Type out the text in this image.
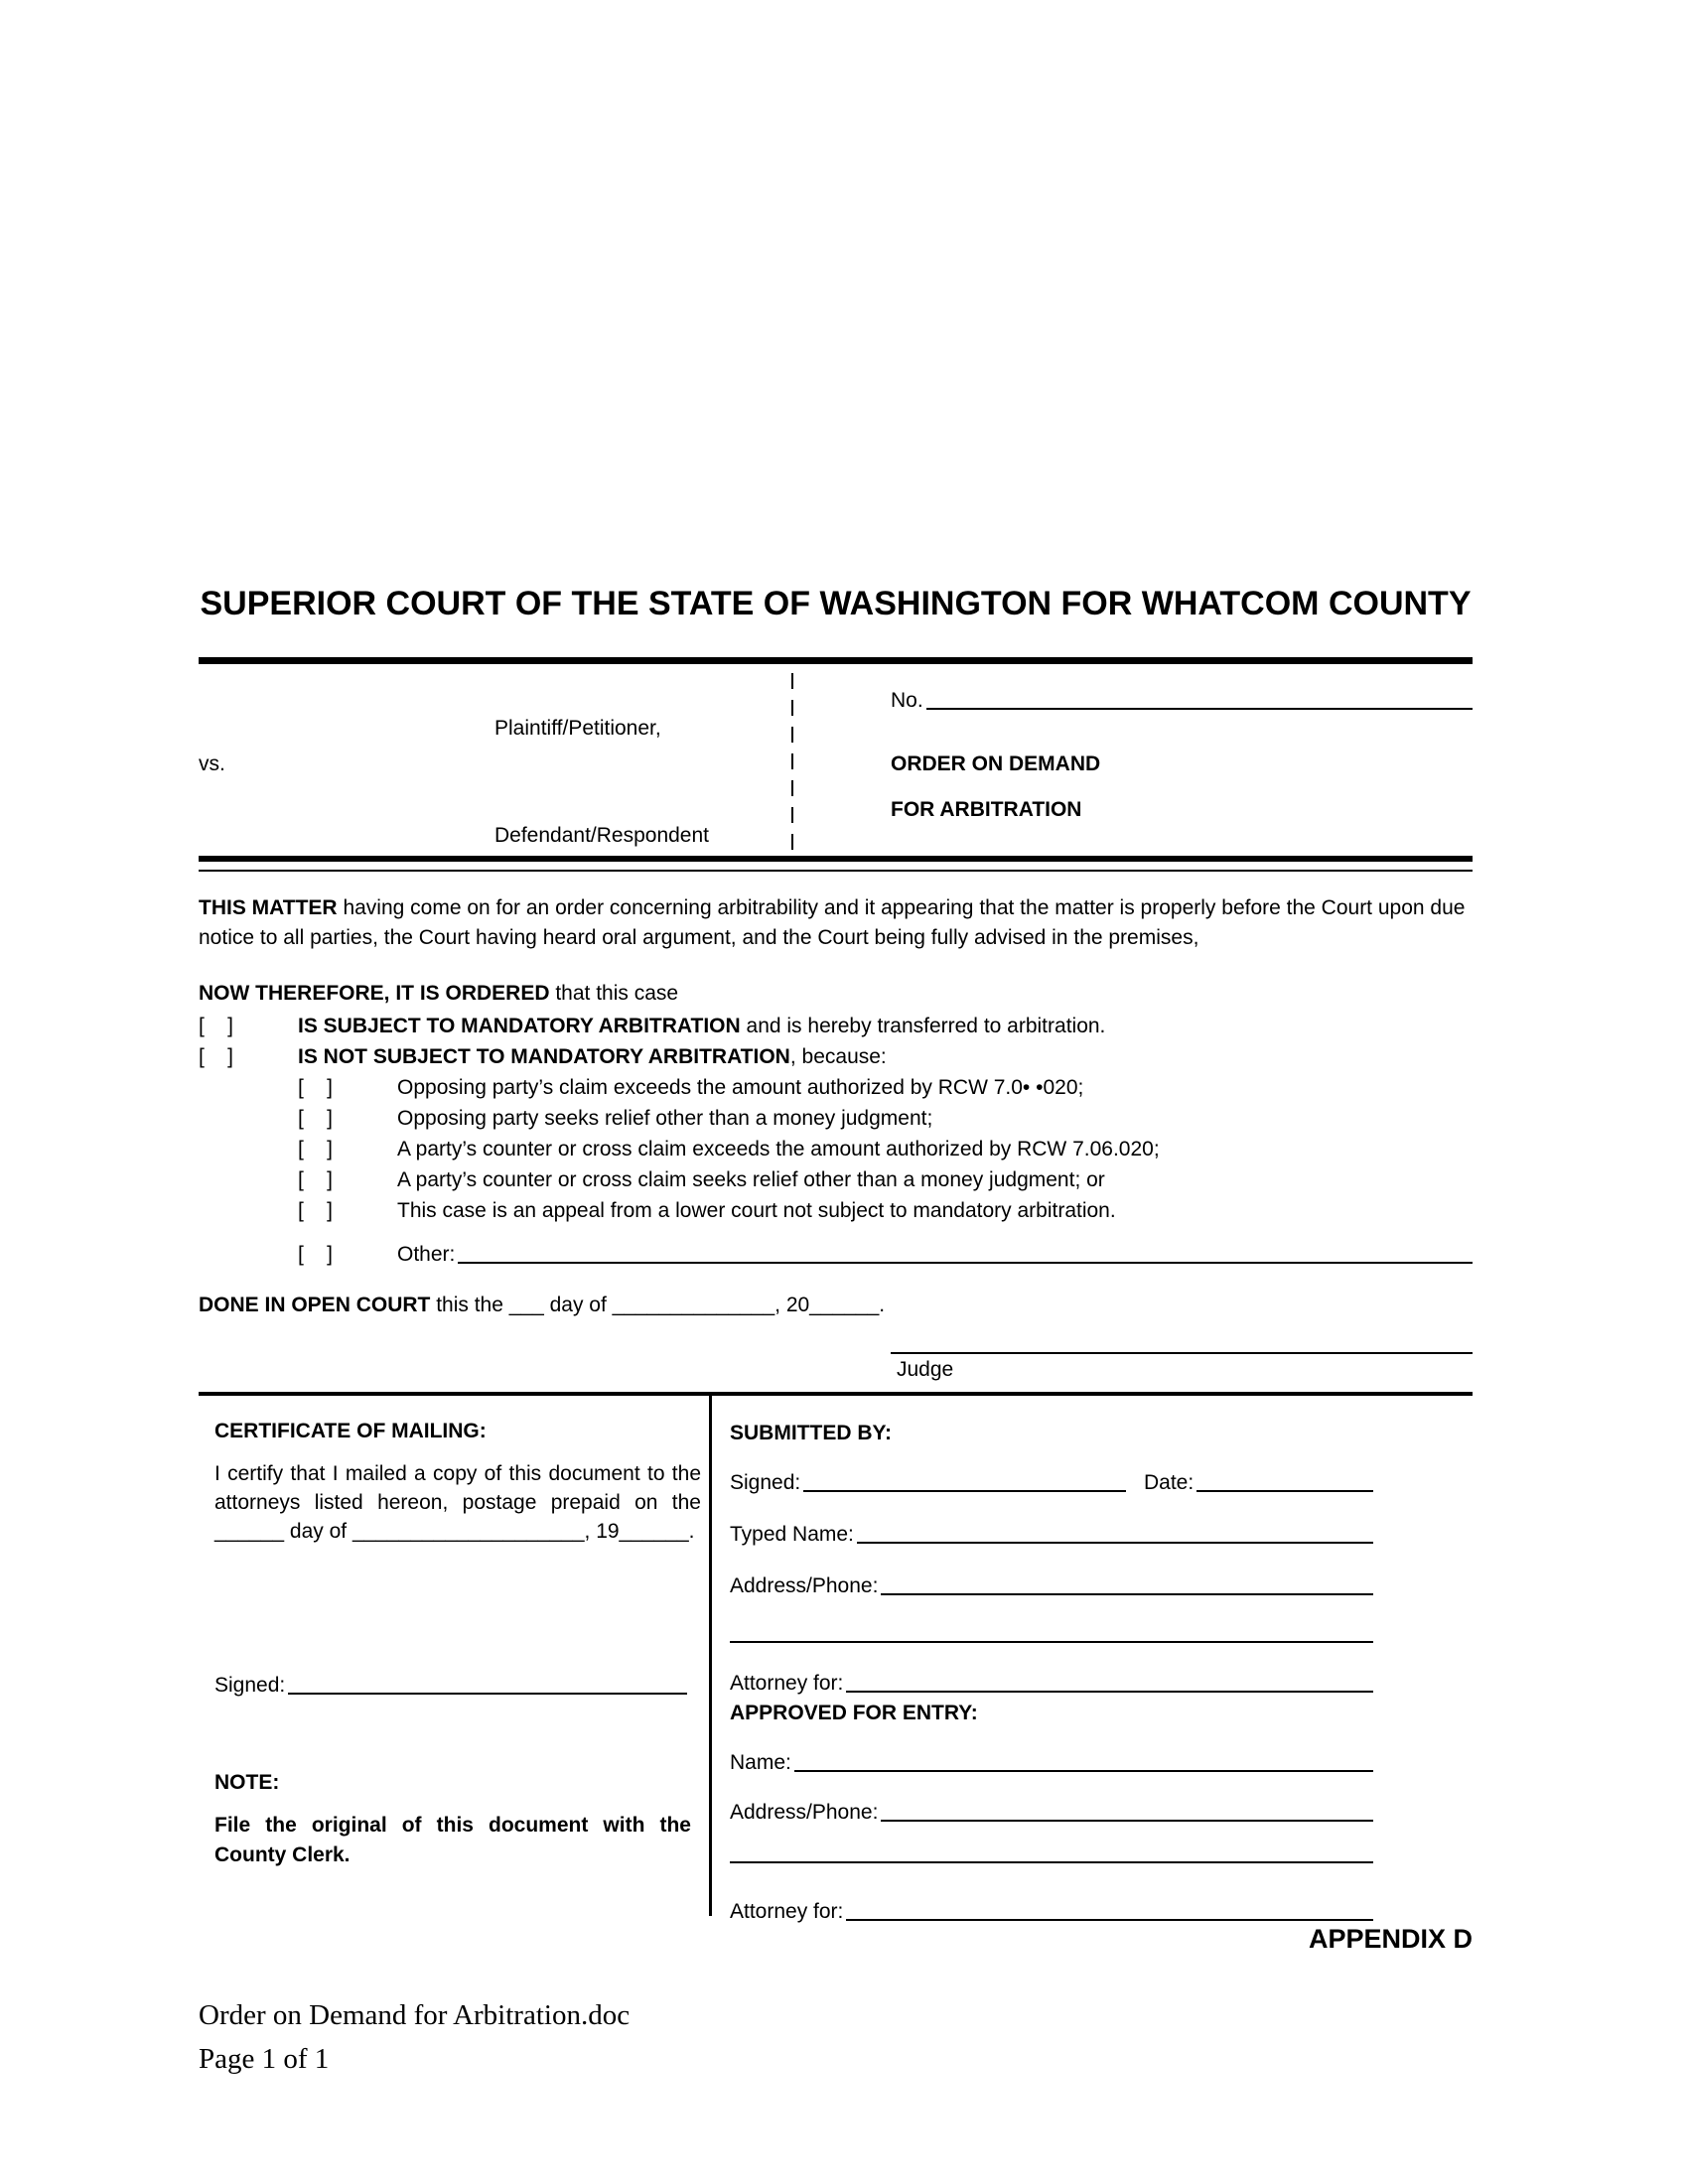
SUPERIOR COURT OF THE STATE OF WASHINGTON FOR WHATCOM COUNTY
Plaintiff/Petitioner,
vs.
Defendant/Respondent
No.
ORDER ON DEMAND
FOR ARBITRATION
THIS MATTER having come on for an order concerning arbitrability and it appearing that the matter is properly before the Court upon due notice to all parties, the Court having heard oral argument, and the Court being fully advised in the premises,
NOW THEREFORE, IT IS ORDERED that this case
[    ]	IS SUBJECT TO MANDATORY ARBITRATION and is hereby transferred to arbitration.
[    ]	IS NOT SUBJECT TO MANDATORY ARBITRATION, because:
[    ]	Opposing party’s claim exceeds the amount authorized by RCW 7.0• •020;
[    ]	Opposing party seeks relief other than a money judgment;
[    ]	A party’s counter or cross claim exceeds the amount authorized by RCW 7.06.020;
[    ]	A party’s counter or cross claim seeks relief other than a money judgment; or
[    ]	This case is an appeal from a lower court not subject to mandatory arbitration.
[    ]	Other:
DONE IN OPEN COURT this the ___ day of ______________, 20______.
Judge
CERTIFICATE OF MAILING:
I certify that I mailed a copy of this document to the attorneys listed hereon, postage prepaid on the ______ day of ____________________, 19______.
Signed:
NOTE:
File the original of this document with the County Clerk.
SUBMITTED BY:
Signed:	Date:
Typed Name:
Address/Phone:
Attorney for:
APPROVED FOR ENTRY:
Name:
Address/Phone:
Attorney for:
APPENDIX D
Order on Demand for Arbitration.doc
Page 1 of 1
